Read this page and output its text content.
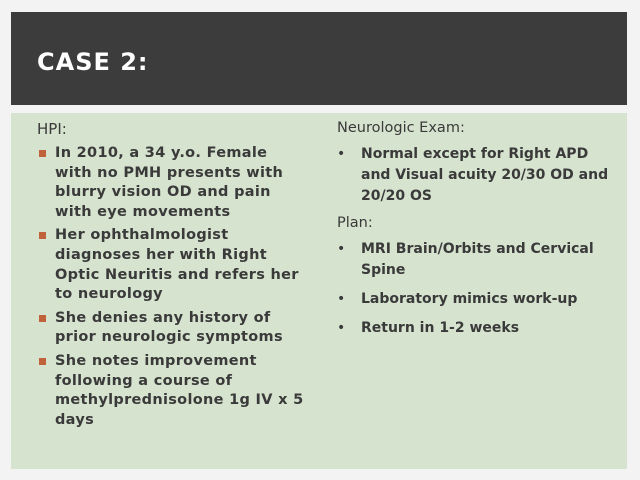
CASE 2:
HPI:
In 2010, a 34 y.o. Female with no PMH presents with blurry vision OD and pain with eye movements
Her ophthalmologist diagnoses her with Right Optic Neuritis and refers her to neurology
She denies any history of prior neurologic symptoms
She notes improvement following a course of methylprednisolone 1g IV x 5 days
Neurologic Exam:
• Normal except for Right APD and Visual acuity 20/30 OD and 20/20 OS
Plan:
• MRI Brain/Orbits and Cervical Spine
• Laboratory mimics work-up
• Return in 1-2 weeks
